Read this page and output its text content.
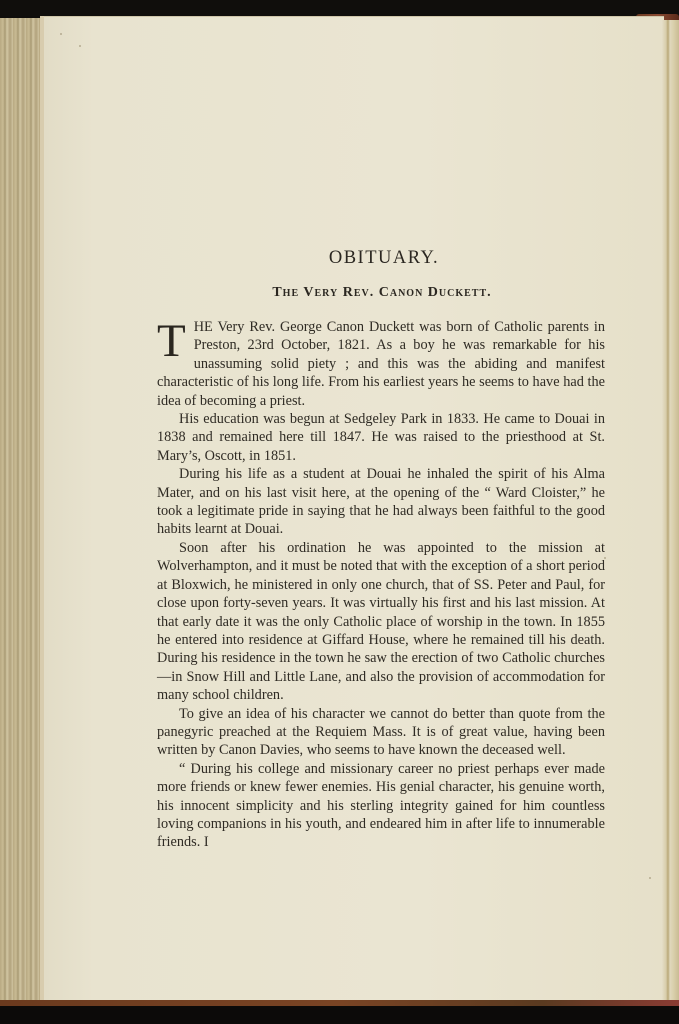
OBITUARY.
The Very Rev. Canon Duckett.

THE Very Rev. George Canon Duckett was born of Catholic parents in Preston, 23rd October, 1821. As a boy he was remarkable for his unassuming solid piety ; and this was the abiding and manifest characteristic of his long life. From his earliest years he seems to have had the idea of becoming a priest.

His education was begun at Sedgeley Park in 1833. He came to Douai in 1838 and remained here till 1847. He was raised to the priesthood at St. Mary’s, Oscott, in 1851.

During his life as a student at Douai he inhaled the spirit of his Alma Mater, and on his last visit here, at the opening of the “ Ward Cloister,” he took a legitimate pride in saying that he had always been faithful to the good habits learnt at Douai.

Soon after his ordination he was appointed to the mission at Wolverhampton, and it must be noted that with the exception of a short period at Bloxwich, he ministered in only one church, that of SS. Peter and Paul, for close upon forty-seven years. It was virtually his first and his last mission. At that early date it was the only Catholic place of worship in the town. In 1855 he entered into residence at Giffard House, where he remained till his death. During his residence in the town he saw the erection of two Catholic churches—in Snow Hill and Little Lane, and also the provision of accommodation for many school children.

To give an idea of his character we cannot do better than quote from the panegyric preached at the Requiem Mass. It is of great value, having been written by Canon Davies, who seems to have known the deceased well.

“ During his college and missionary career no priest perhaps ever made more friends or knew fewer enemies. His genial character, his genuine worth, his innocent simplicity and his sterling integrity gained for him countless loving companions in his youth, and endeared him in after life to innumerable friends. I
